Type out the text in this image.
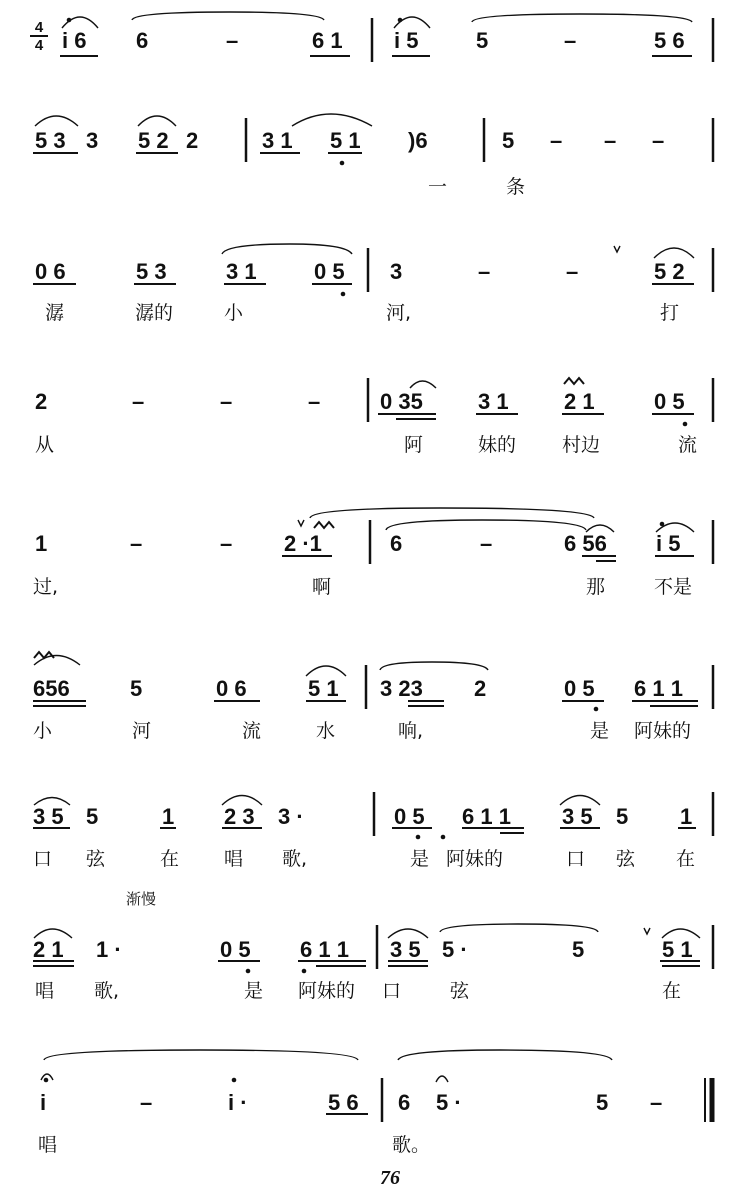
$\frac{4}{4}$ i 6 6	–	6 1 i 5	5	–	5 6
5 3 3 5 2 2	3 1 5 1 )6	5 – – –
一	条
0 6	5 3	3 1	0 5 3	–	–	5 2
潺	潺的	小	河,	打
2	–	–	–	0 35	3 1	2 1	0 5
从	阿	妹的 村边	流
1	–	– 2 ·1	6	–	6 56 i 5
过,	啊	那	不是
656	5	0 6	5 1 3 23 2	0 5 6 1 1
小	河	流	水	响,	是 阿妹的
3 5 5	1 2 3 3 ·	0 5 6 1 1 3 5 5 1
口 弦	在 唱 歌,	是 阿妹的	口 弦 在
渐慢
2 1 1 ·	0 5 6 1 1 3 5 5 ·	5	5 1
唱 歌,	是 阿妹的 口	弦	在
i	–	i ·	5 6 6 5 ·	5 –
唱	歌。
76
